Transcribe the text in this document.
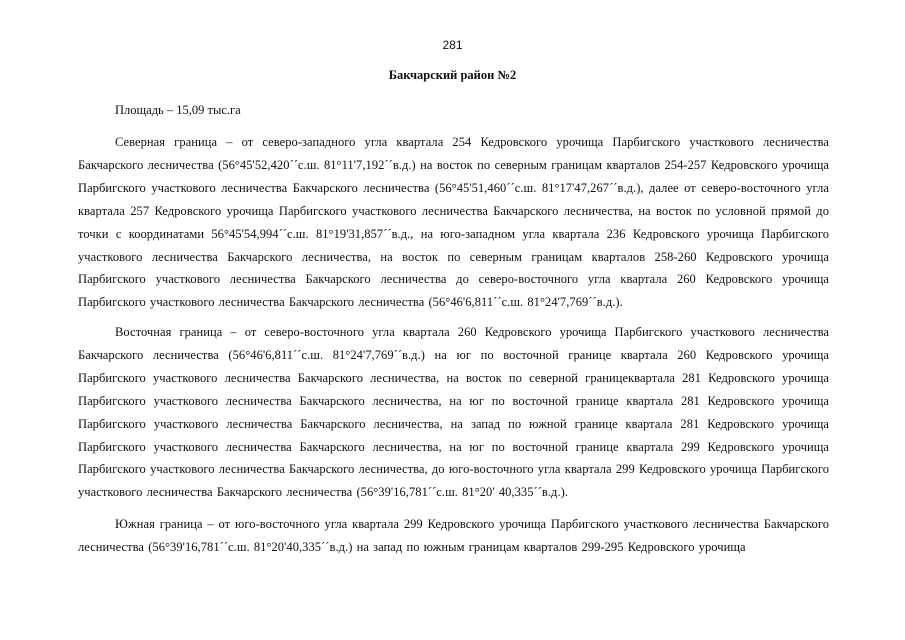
281
Бакчарский район №2
Площадь – 15,09 тыс.га

Северная граница – от северо-западного угла квартала 254 Кедровского урочища Парбигского участкового лесничества Бакчарского лесничества (56°45'52,420´´с.ш. 81°11'7,192´´в.д.) на восток по северным границам кварталов 254-257 Кедровского урочища Парбигского участкового лесничества Бакчарского лесничества (56°45'51,460´´с.ш. 81°17'47,267´´в.д.), далее от северо-восточного угла квартала 257 Кедровского урочища Парбигского участкового лесничества Бакчарского лесничества, на восток по условной прямой до точки с координатами 56°45'54,994´´с.ш. 81°19'31,857´´в.д., на юго-западном угла квартала 236 Кедровского урочища Парбигского участкового лесничества Бакчарского лесничества, на восток по северным границам кварталов 258-260 Кедровского урочища Парбигского участкового лесничества Бакчарского лесничества до северо-восточного угла квартала 260 Кедровского урочища Парбигского участкового лесничества Бакчарского лесничества (56°46'6,811´´с.ш. 81°24'7,769´´в.д.).

Восточная граница – от северо-восточного угла квартала 260 Кедровского урочища Парбигского участкового лесничества Бакчарского лесничества (56°46'6,811´´с.ш. 81°24'7,769´´в.д.) на юг по восточной границе квартала 260 Кедровского урочища Парбигского участкового лесничества Бакчарского лесничества, на восток по северной границеквартала 281 Кедровского урочища Парбигского участкового лесничества Бакчарского лесничества, на юг по восточной границе квартала 281 Кедровского урочища Парбигского участкового лесничества Бакчарского лесничества, на запад по южной границе квартала 281 Кедровского урочища Парбигского участкового лесничества Бакчарского лесничества, на юг по восточной границе квартала 299 Кедровского урочища Парбигского участкового лесничества Бакчарского лесничества, до юго-восточного угла квартала 299 Кедровского урочища Парбигского участкового лесничества Бакчарского лесничества (56°39'16,781´´с.ш. 81°20' 40,335´´в.д.).

Южная граница – от юго-восточного угла квартала 299 Кедровского урочища Парбигского участкового лесничества Бакчарского лесничества (56°39'16,781´´с.ш. 81°20'40,335´´в.д.) на запад по южным границам кварталов 299-295 Кедровского урочища
